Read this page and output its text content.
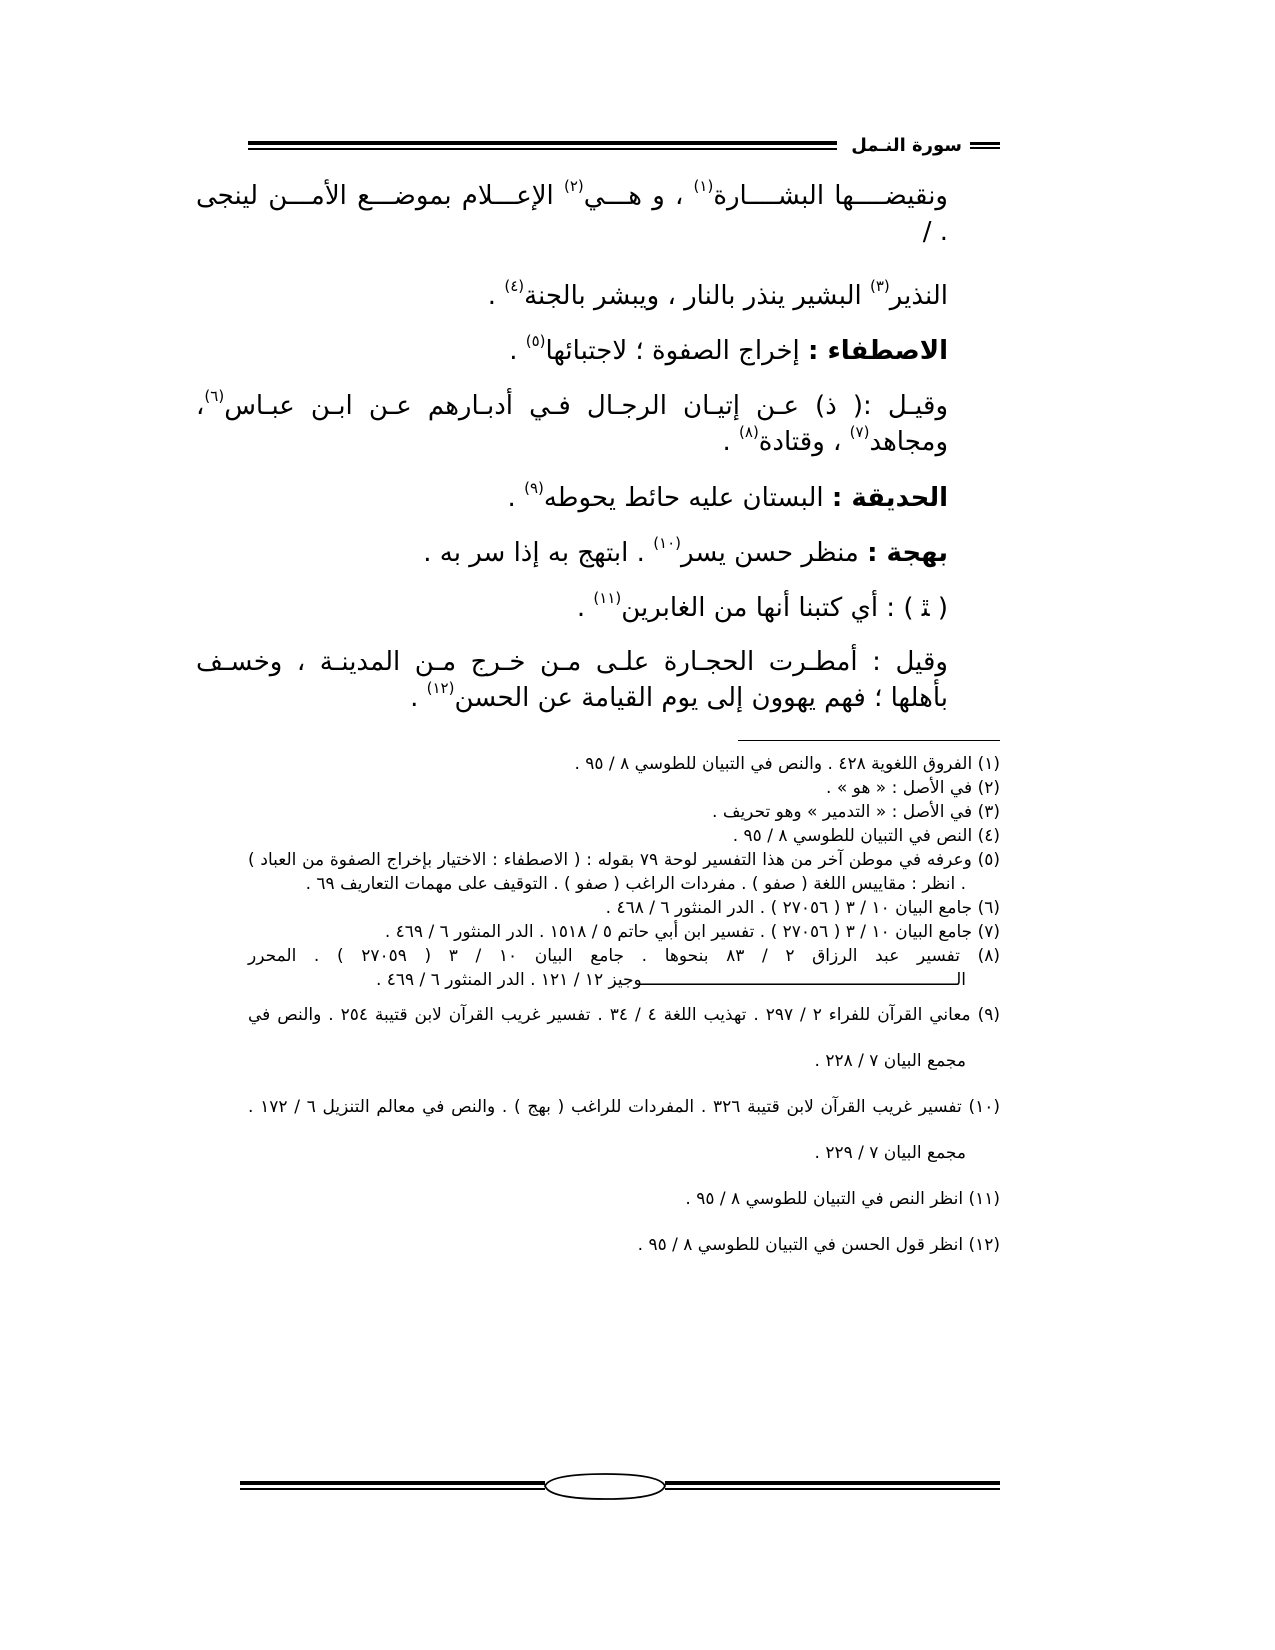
سورة النـمل

ونقيضــــها البشــــارة$^{(١)}$ ، و هـــي$^{(٢)}$ الإعـــلام بموضـــع الأمـــن لينجى . /

النذير$^{(٣)}$ البشير ينذر بالنار ، ويبشر بالجنة$^{(٤)}$ .

الاصطفاء : إخراج الصفوة ؛ لاجتبائها$^{(٥)}$ .

وقيـل :( ذ) عـن إتيـان الرجـال فـي أدبـارهم عـن ابـن عبـاس$^{(٦)}$، ومجاهد$^{(٧)}$ ، وقتادة$^{(٨)}$ .

الحديقة : البستان عليه حائط يحوطه$^{(٩)}$ .

بهجة : منظر حسن يسر$^{(١٠)}$ . ابتهج به إذا سر به .

( ﭥ ) : أي كتبنا أنها من الغابرين$^{(١١)}$ .

وقيل : أمطـرت الحجـارة علـى مـن خـرج مـن المدينـة ، وخسـف بأهلها ؛ فهم يهوون إلى يوم القيامة عن الحسن$^{(١٢)}$ .

(١) الفروق اللغوية ٤٢٨ . والنص في التبيان للطوسي ٨ / ٩٥ .

(٢) في الأصل : « هو » .

(٣) في الأصل : « التدمير » وهو تحريف .

(٤) النص في التبيان للطوسي ٨ / ٩٥ .

(٥) وعرفه في موطن آخر من هذا التفسير لوحة ٧٩ بقوله : ( الاصطفاء : الاختيار بإخراج الصفوة من العباد ) . انظر : مقاييس اللغة ( صفو ) . مفردات الراغب ( صفو ) . التوقيف على مهمات التعاريف ٦٩ .

(٦) جامع البيان ١٠ / ٣ ( ٢٧٠٥٦ ) . الدر المنثور ٦ / ٤٦٨ .

(٧) جامع البيان ١٠ / ٣ ( ٢٧٠٥٦ ) . تفسير ابن أبي حاتم ٥ / ١٥١٨ . الدر المنثور ٦ / ٤٦٩ .

(٨) تفسير عبد الرزاق ٢ / ٨٣ بنحوها . جامع البيان ١٠ / ٣ ( ٢٧٠٥٩ ) . المحرر الـــــــــــــــــــــــــــــــــــــــــــــــــــــــــــــــوجيز ١٢ / ١٢١ . الدر المنثور ٦ / ٤٦٩ .

(٩) معاني القرآن للفراء ٢ / ٢٩٧ . تهذيب اللغة ٤ / ٣٤ . تفسير غريب القرآن لابن قتيبة ٢٥٤ . والنص في مجمع البيان ٧ / ٢٢٨ .

(١٠) تفسير غريب القرآن لابن قتيبة ٣٢٦ . المفردات للراغب ( بهج ) . والنص في معالم التنزيل ٦ / ١٧٢ . مجمع البيان ٧ / ٢٢٩ .

(١١) انظر النص في التبيان للطوسي ٨ / ٩٥ .

(١٢) انظر قول الحسن في التبيان للطوسي ٨ / ٩٥ .
